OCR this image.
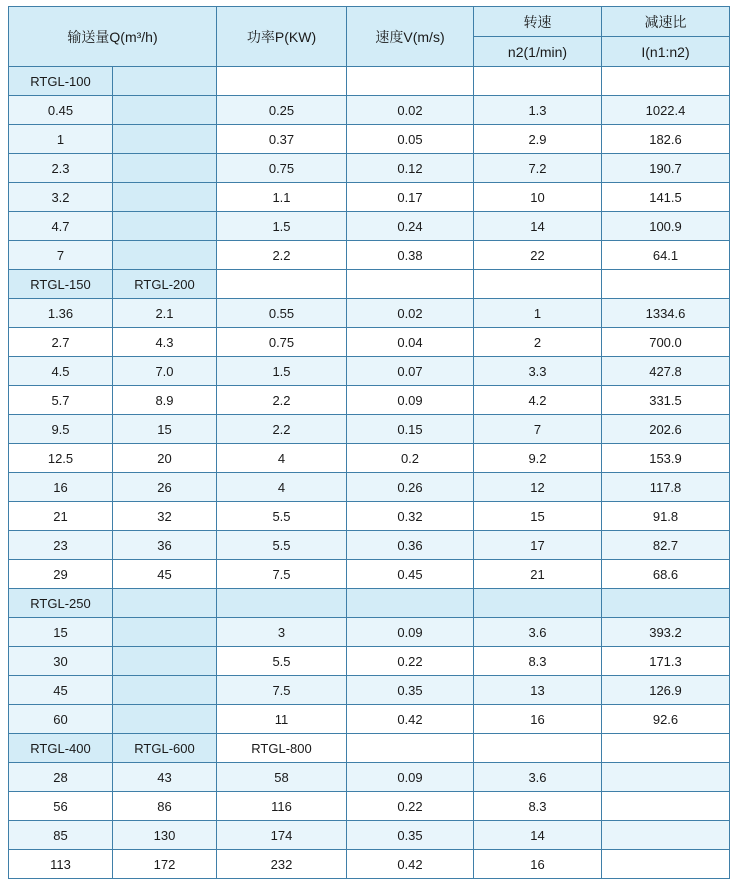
输送量Q(m³/h)		功率P(KW)	速度V(m/s)	转速	减速比
				n2(1/min)	I(n1:n2)
RTGL-100					
0.45		0.25	0.02	1.3	1022.4
1		0.37	0.05	2.9	182.6
2.3		0.75	0.12	7.2	190.7
3.2		1.1	0.17	10	141.5
4.7		1.5	0.24	14	100.9
7		2.2	0.38	22	64.1
RTGL-150	RTGL-200				
1.36	2.1	0.55	0.02	1	1334.6
2.7	4.3	0.75	0.04	2	700.0
4.5	7.0	1.5	0.07	3.3	427.8
5.7	8.9	2.2	0.09	4.2	331.5
9.5	15	2.2	0.15	7	202.6
12.5	20	4	0.2	9.2	153.9
16	26	4	0.26	12	117.8
21	32	5.5	0.32	15	91.8
23	36	5.5	0.36	17	82.7
29	45	7.5	0.45	21	68.6
RTGL-250					
15		3	0.09	3.6	393.2
30		5.5	0.22	8.3	171.3
45		7.5	0.35	13	126.9
60		11	0.42	16	92.6
RTGL-400	RTGL-600	RTGL-800			
28	43	58	0.09	3.6	
56	86	116	0.22	8.3	
85	130	174	0.35	14	
113	172	232	0.42	16	
